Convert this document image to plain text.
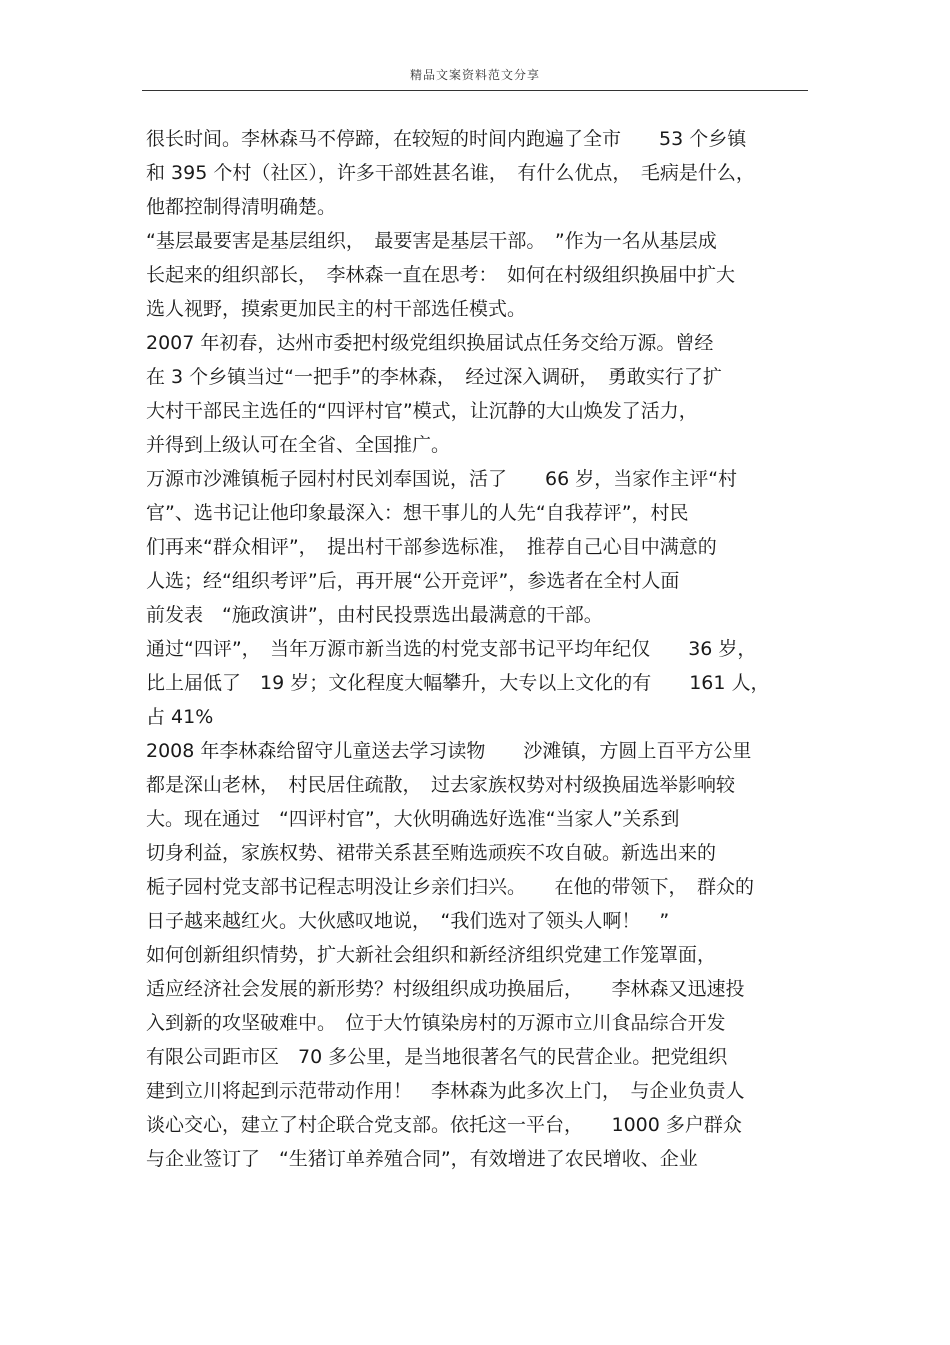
精品文案资料范文分享
很长时间。李林森马不停蹄，在较短的时间内跑遍了全市　　53 个乡镇
和 395 个村（社区），许多干部姓甚名谁，　有什么优点，　毛病是什么，
他都控制得清明确楚。
“基层最要害是基层组织，　最要害是基层干部。　”作为一名从基层成
长起来的组织部长，　李林森一直在思考：　如何在村级组织换届中扩大
选人视野，摸索更加民主的村干部选任模式。
2007 年初春，达州市委把村级党组织换届试点任务交给万源。曾经
在 3 个乡镇当过“一把手”的李林森，　经过深入调研，　勇敢实行了扩
大村干部民主选任的“四评村官”模式，让沉静的大山焕发了活力，
并得到上级认可在全省、全国推广。
万源市沙滩镇栀子园村村民刘奉国说，活了　　66 岁，当家作主评“村
官”、选书记让他印象最深入：想干事儿的人先“自我荐评”，村民
们再来“群众相评”，　提出村干部参选标准，　推荐自己心目中满意的
人选；经“组织考评”后，再开展“公开竞评”，参选者在全村人面
前发表　“施政演讲”，由村民投票选出最满意的干部。
通过“四评”，　当年万源市新当选的村党支部书记平均年纪仅　　36 岁，
比上届低了　19 岁；文化程度大幅攀升，大专以上文化的有　　161 人，
占 41%
2008 年李林森给留守儿童送去学习读物　　沙滩镇，方圆上百平方公里
都是深山老林，　村民居住疏散，　过去家族权势对村级换届选举影响较
大。现在通过　“四评村官”，大伙明确选好选准“当家人”关系到
切身利益，家族权势、裙带关系甚至贿选顽疾不攻自破。新选出来的
栀子园村党支部书记程志明没让乡亲们扫兴。　　在他的带领下，　群众的
日子越来越红火。大伙感叹地说，　“我们选对了领头人啊！　”
如何创新组织情势，扩大新社会组织和新经济组织党建工作笼罩面，
适应经济社会发展的新形势？村级组织成功换届后，　　李林森又迅速投
入到新的攻坚破难中。　位于大竹镇染房村的万源市立川食品综合开发
有限公司距市区　70 多公里，是当地很著名气的民营企业。把党组织
建到立川将起到示范带动作用！　李林森为此多次上门，　与企业负责人
谈心交心，建立了村企联合党支部。依托这一平台，　　1000 多户群众
与企业签订了　“生猪订单养殖合同”，有效增进了农民增收、企业
